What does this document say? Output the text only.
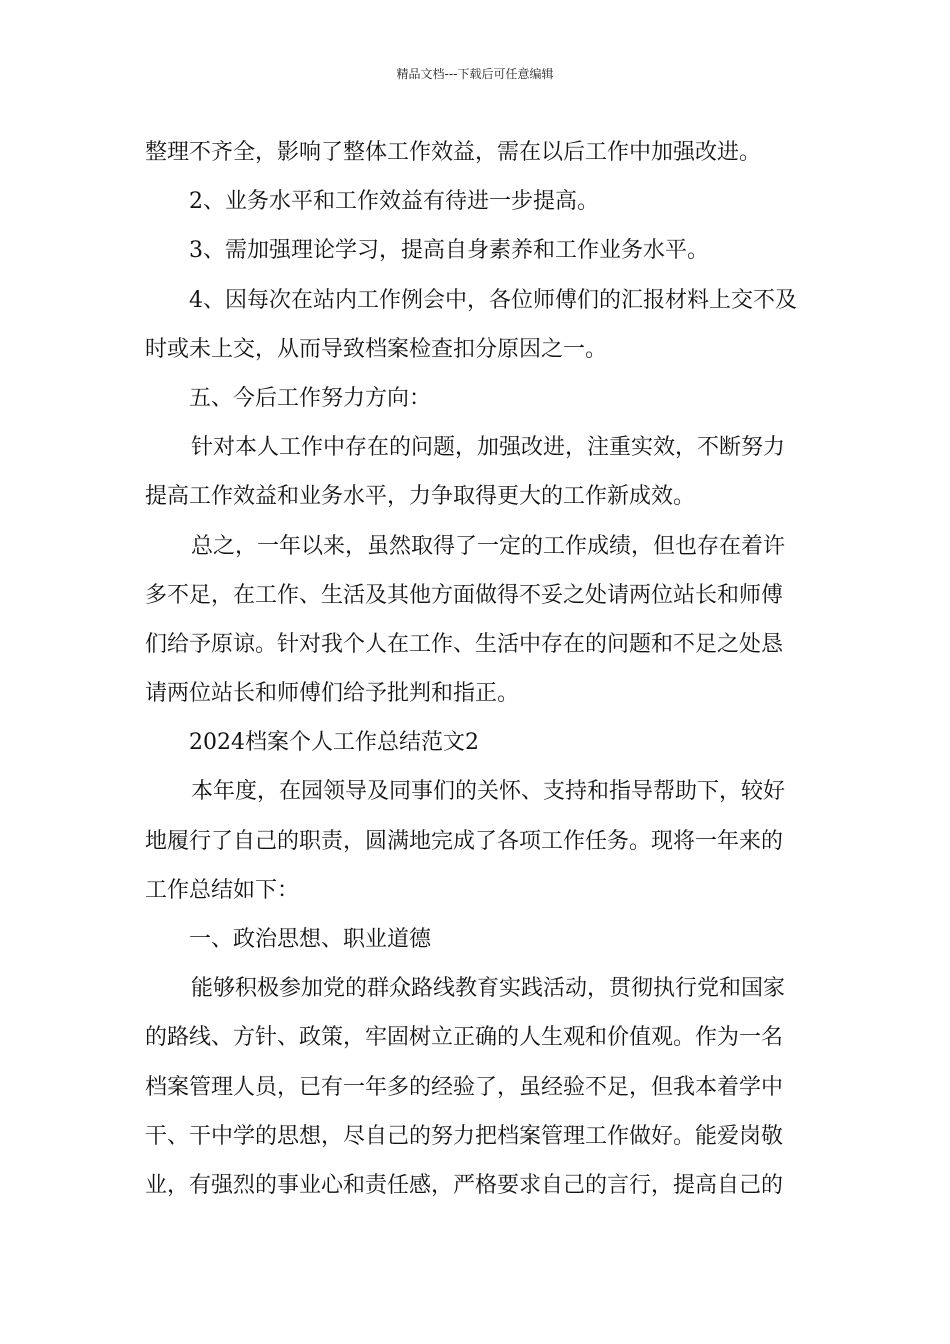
精品文档---下载后可任意编辑
整理不齐全，影响了整体工作效益，需在以后工作中加强改进。
2、业务水平和工作效益有待进一步提高。
3、需加强理论学习，提高自身素养和工作业务水平。
4、因每次在站内工作例会中，各位师傅们的汇报材料上交不及
时或未上交，从而导致档案检查扣分原因之一。
五、今后工作努力方向：
针对本人工作中存在的问题，加强改进，注重实效，不断努力
提高工作效益和业务水平，力争取得更大的工作新成效。
总之，一年以来，虽然取得了一定的工作成绩，但也存在着许
多不足，在工作、生活及其他方面做得不妥之处请两位站长和师傅
们给予原谅。针对我个人在工作、生活中存在的问题和不足之处恳
请两位站长和师傅们给予批判和指正。
2024档案个人工作总结范文2
本年度，在园领导及同事们的关怀、支持和指导帮助下，较好
地履行了自己的职责，圆满地完成了各项工作任务。现将一年来的
工作总结如下：
一、政治思想、职业道德
能够积极参加党的群众路线教育实践活动，贯彻执行党和国家
的路线、方针、政策，牢固树立正确的人生观和价值观。作为一名
档案管理人员，已有一年多的经验了，虽经验不足，但我本着学中
干、干中学的思想，尽自己的努力把档案管理工作做好。能爱岗敬
业，有强烈的事业心和责任感，严格要求自己的言行，提高自己的
